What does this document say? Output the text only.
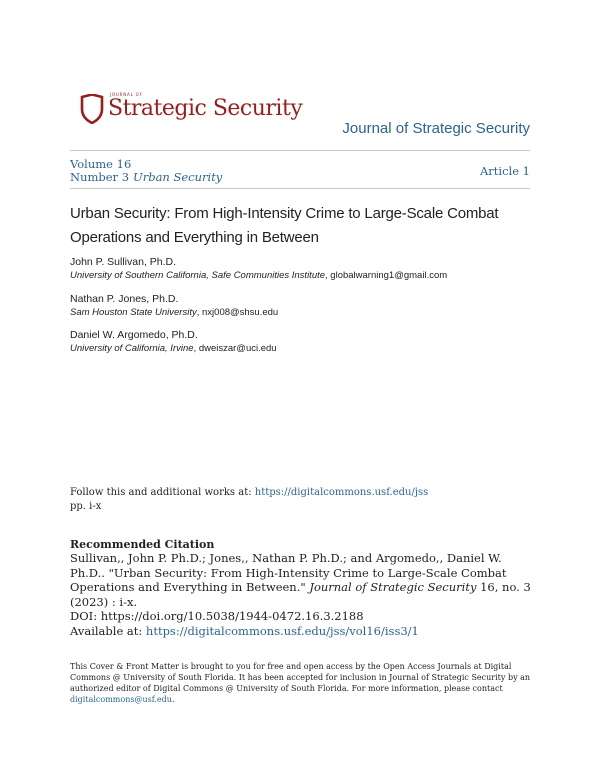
JOURNAL OF
Strategic Security
Journal of Strategic Security
Volume 16
Number 3 Urban Security	Article 1
Urban Security: From High-Intensity Crime to Large-Scale Combat Operations and Everything in Between
John P. Sullivan, Ph.D.
University of Southern California, Safe Communities Institute, globalwarning1@gmail.com
Nathan P. Jones, Ph.D.
Sam Houston State University, nxj008@shsu.edu
Daniel W. Argomedo, Ph.D.
University of California, Irvine, dweiszar@uci.edu
Follow this and additional works at: https://digitalcommons.usf.edu/jss
pp. i-x
Recommended Citation
Sullivan,, John P. Ph.D.; Jones,, Nathan P. Ph.D.; and Argomedo,, Daniel W. Ph.D.. "Urban Security: From High-Intensity Crime to Large-Scale Combat Operations and Everything in Between." Journal of Strategic Security 16, no. 3 (2023) : i-x.
DOI: https://doi.org/10.5038/1944-0472.16.3.2188
Available at: https://digitalcommons.usf.edu/jss/vol16/iss3/1
This Cover & Front Matter is brought to you for free and open access by the Open Access Journals at Digital Commons @ University of South Florida. It has been accepted for inclusion in Journal of Strategic Security by an authorized editor of Digital Commons @ University of South Florida. For more information, please contact digitalcommons@usf.edu.
